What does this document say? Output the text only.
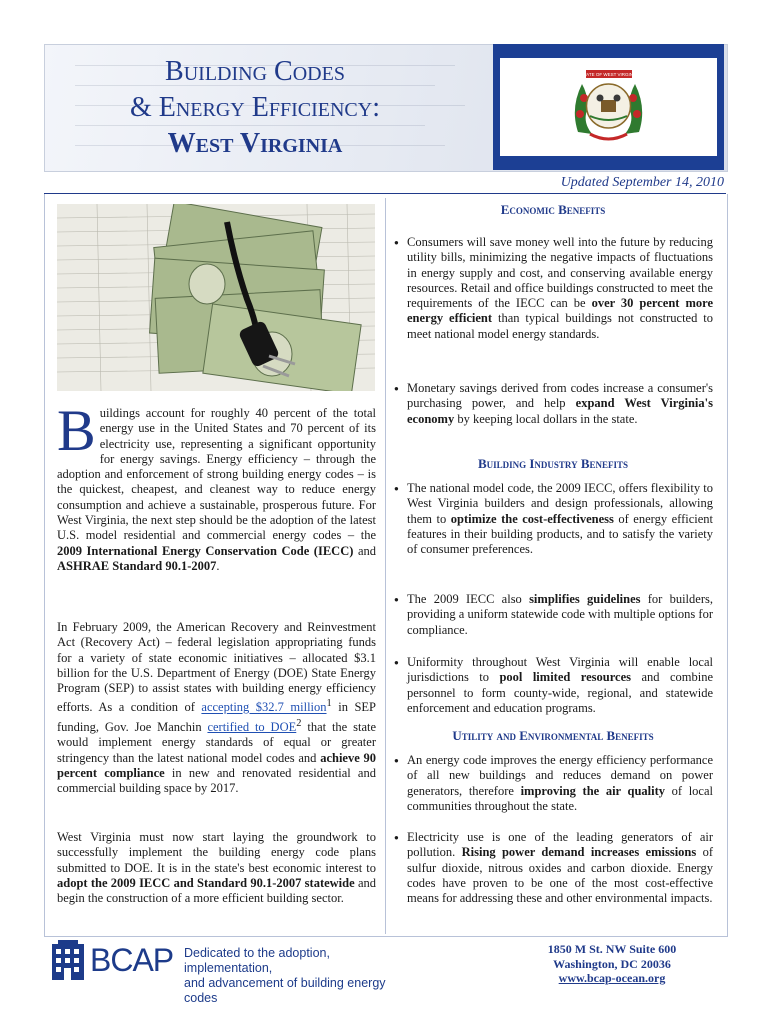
Building Codes
& Energy Efficiency:
West Virginia
STATE OF WEST VIRGINIA
Updated September 14, 2010
Buildings account for roughly 40 percent of the total energy use in the United States and 70 percent of its electricity use, representing a significant opportunity for energy savings. Energy efficiency – through the adoption and enforcement of strong building energy codes – is the quickest, cheapest, and cleanest way to reduce energy consumption and achieve a sustainable, prosperous future. For West Virginia, the next step should be the adoption of the latest U.S. model residential and commercial energy codes – the 2009 International Energy Conservation Code (IECC) and ASHRAE Standard 90.1-2007.
In February 2009, the American Recovery and Reinvestment Act (Recovery Act) – federal legislation appropriating funds for a variety of state economic initiatives – allocated $3.1 billion for the U.S. Department of Energy (DOE) State Energy Program (SEP) to assist states with building energy efficiency efforts. As a condition of accepting $32.7 million$^1$ in SEP funding, Gov. Joe Manchin certified to DOE$^2$ that the state would implement energy standards of equal or greater stringency than the latest national model codes and achieve 90 percent compliance in new and renovated residential and commercial building space by 2017.
West Virginia must now start laying the groundwork to successfully implement the building energy code plans submitted to DOE. It is in the state's best economic interest to adopt the 2009 IECC and Standard 90.1-2007 statewide and begin the construction of a more efficient building sector.
Economic Benefits
● Consumers will save money well into the future by reducing utility bills, minimizing the negative impacts of fluctuations in energy supply and cost, and conserving available energy resources. Retail and office buildings constructed to meet the requirements of the IECC can be over 30 percent more energy efficient than typical buildings not constructed to meet national model energy standards.
● Monetary savings derived from codes increase a consumer's purchasing power, and help expand West Virginia's economy by keeping local dollars in the state.
Building Industry Benefits
● The national model code, the 2009 IECC, offers flexibility to West Virginia builders and design professionals, allowing them to optimize the cost-effectiveness of energy efficient features in their building products, and to satisfy the variety of consumer preferences.
● The 2009 IECC also simplifies guidelines for builders, providing a uniform statewide code with multiple options for compliance.
● Uniformity throughout West Virginia will enable local jurisdictions to pool limited resources and combine personnel to form county-wide, regional, and statewide enforcement and education programs.
Utility and Environmental Benefits
● An energy code improves the energy efficiency performance of all new buildings and reduces demand on power generators, therefore improving the air quality of local communities throughout the state.
● Electricity use is one of the leading generators of air pollution. Rising power demand increases emissions of sulfur dioxide, nitrous oxides and carbon dioxide. Energy codes have proven to be one of the most cost-effective means for addressing these and other environmental impacts.
BCAP Dedicated to the adoption, implementation,
and advancement of building energy codes
1850 M St. NW Suite 600
Washington, DC 20036
www.bcap-ocean.org
